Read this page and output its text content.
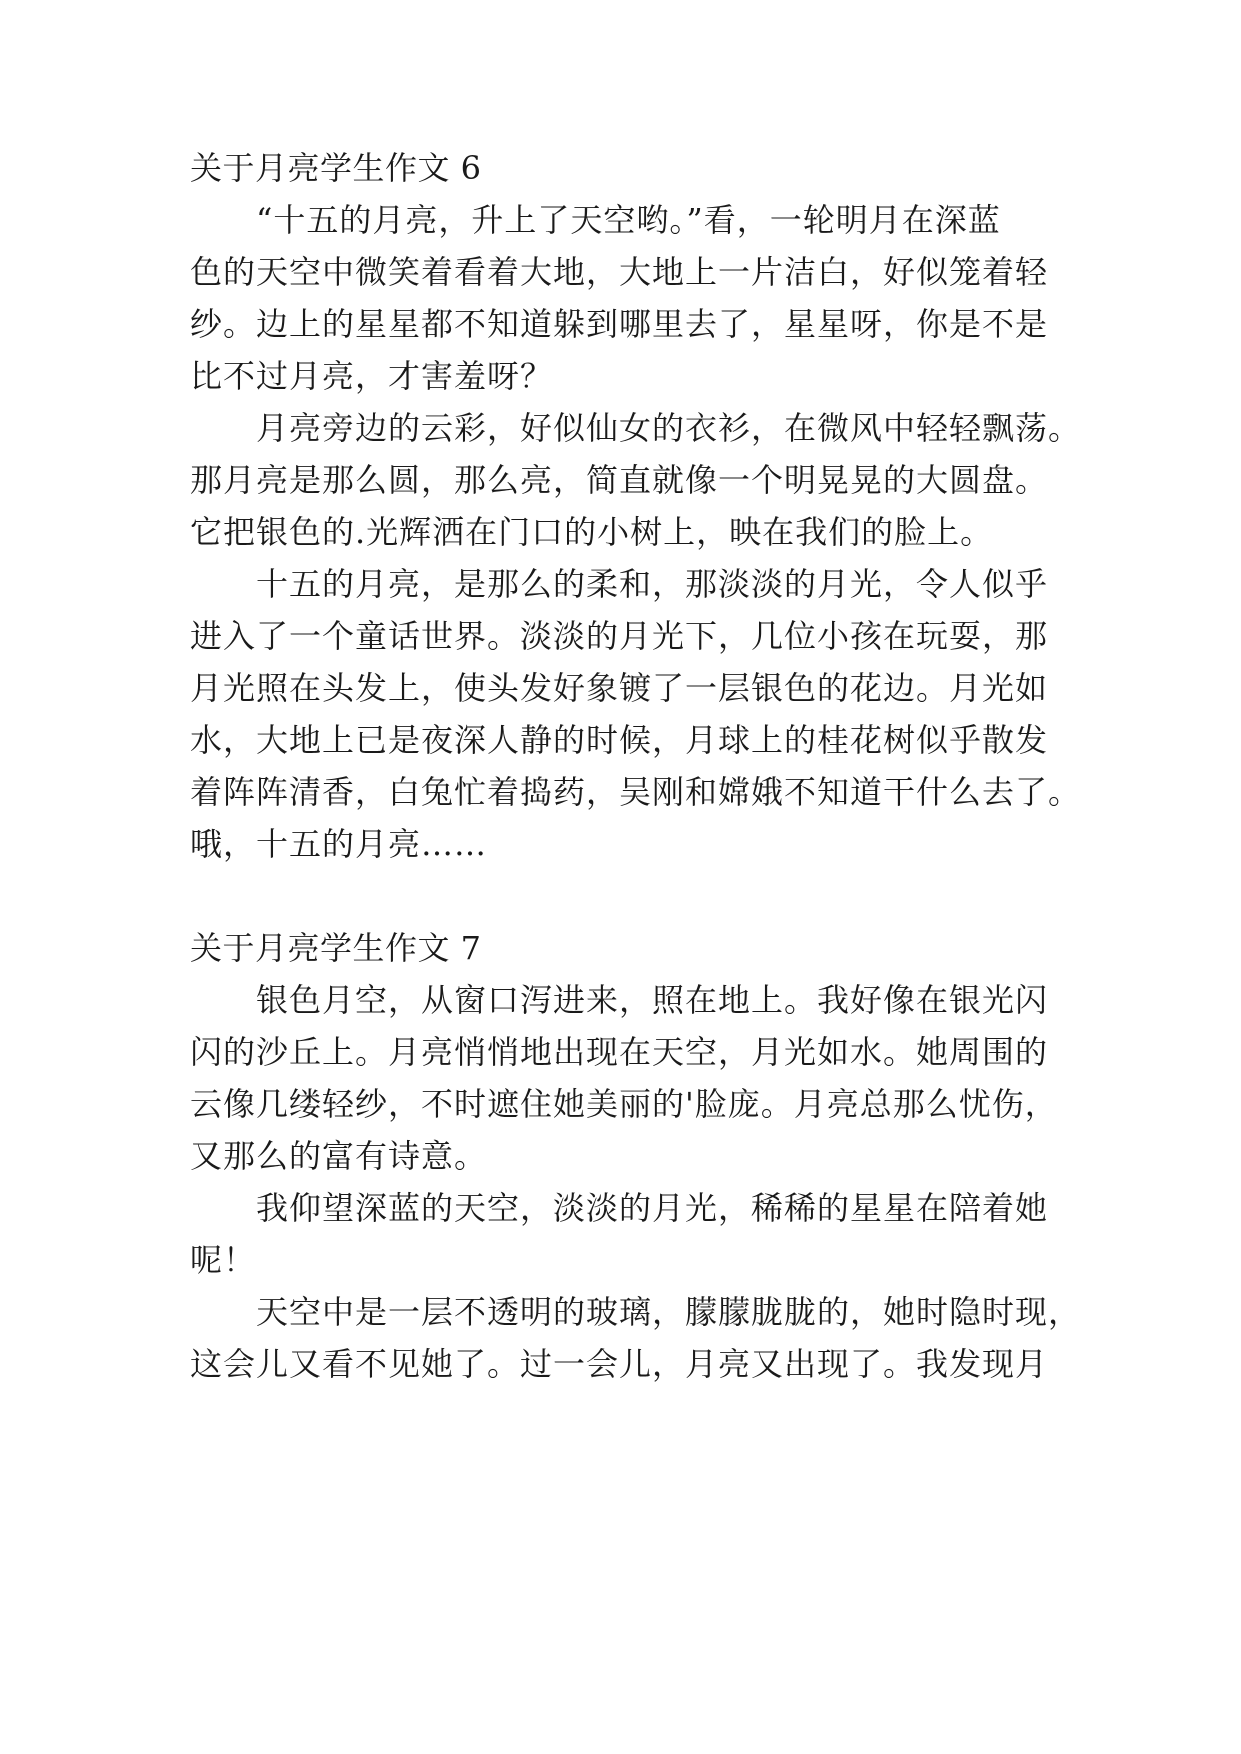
关于月亮学生作文 6
“十五的月亮，升上了天空哟。”看，一轮明月在深蓝
色的天空中微笑着看着大地，大地上一片洁白，好似笼着轻
纱。边上的星星都不知道躲到哪里去了，星星呀，你是不是
比不过月亮，才害羞呀？
月亮旁边的云彩，好似仙女的衣衫，在微风中轻轻飘荡。
那月亮是那么圆，那么亮，简直就像一个明晃晃的大圆盘。
它把银色的.光辉洒在门口的小树上，映在我们的脸上。
十五的月亮，是那么的柔和，那淡淡的月光，令人似乎
进入了一个童话世界。淡淡的月光下，几位小孩在玩耍，那
月光照在头发上，使头发好象镀了一层银色的花边。月光如
水，大地上已是夜深人静的时候，月球上的桂花树似乎散发
着阵阵清香，白兔忙着捣药，吴刚和嫦娥不知道干什么去了。
哦，十五的月亮……
关于月亮学生作文 7
银色月空，从窗口泻进来，照在地上。我好像在银光闪
闪的沙丘上。月亮悄悄地出现在天空，月光如水。她周围的
云像几缕轻纱，不时遮住她美丽的'脸庞。月亮总那么忧伤，
又那么的富有诗意。
我仰望深蓝的天空，淡淡的月光，稀稀的星星在陪着她
呢！
天空中是一层不透明的玻璃，朦朦胧胧的，她时隐时现，
这会儿又看不见她了。过一会儿，月亮又出现了。我发现月
